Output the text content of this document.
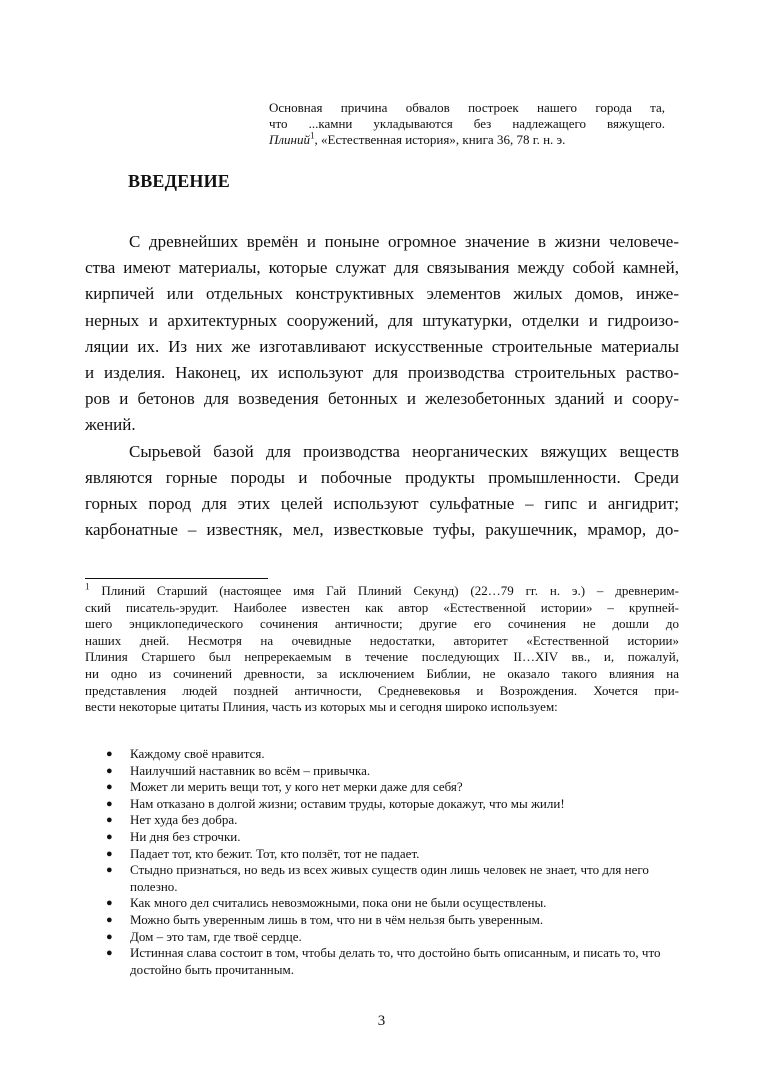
Основная причина обвалов построек нашего города та,
что ...камни укладываются без надлежащего вяжущего.
Плиний$^1$, «Естественная история», книга 36, 78 г. н. э.
ВВЕДЕНИЕ
С древнейших времён и поныне огромное значение в жизни человече-
ства имеют материалы, которые служат для связывания между собой камней,
кирпичей или отдельных конструктивных элементов жилых домов, инже-
нерных и архитектурных сооружений, для штукатурки, отделки и гидроизо-
ляции их. Из них же изготавливают искусственные строительные материалы
и изделия. Наконец, их используют для производства строительных раство-
ров и бетонов для возведения бетонных и железобетонных зданий и соору-
жений.
Сырьевой базой для производства неорганических вяжущих веществ
являются горные породы и побочные продукты промышленности. Среди
горных пород для этих целей используют сульфатные – гипс и ангидрит;
карбонатные – известняк, мел, известковые туфы, ракушечник, мрамор, до-
$^1$ Плиний Старший (настоящее имя Гай Плиний Секунд) (22…79 гг. н. э.) – древнерим-
ский писатель-эрудит. Наиболее известен как автор «Естественной истории» – крупней-
шего энциклопедического сочинения античности; другие его сочинения не дошли до
наших дней. Несмотря на очевидные недостатки, авторитет «Естественной истории»
Плиния Старшего был непререкаемым в течение последующих II…XIV вв., и, пожалуй,
ни одно из сочинений древности, за исключением Библии, не оказало такого влияния на
представления людей поздней античности, Средневековья и Возрождения. Хочется при-
вести некоторые цитаты Плиния, часть из которых мы и сегодня широко используем:
● Каждому своё нравится.
● Наилучший наставник во всём – привычка.
● Может ли мерить вещи тот, у кого нет мерки даже для себя?
● Нам отказано в долгой жизни; оставим труды, которые докажут, что мы жили!
● Нет худа без добра.
● Ни дня без строчки.
● Падает тот, кто бежит. Тот, кто ползёт, тот не падает.
● Стыдно признаться, но ведь из всех живых существ один лишь человек не знает, что для него полезно.
● Как много дел считались невозможными, пока они не были осуществлены.
● Можно быть уверенным лишь в том, что ни в чём нельзя быть уверенным.
● Дом – это там, где твоё сердце.
● Истинная слава состоит в том, чтобы делать то, что достойно быть описанным, и писать то, что достойно быть прочитанным.
3
